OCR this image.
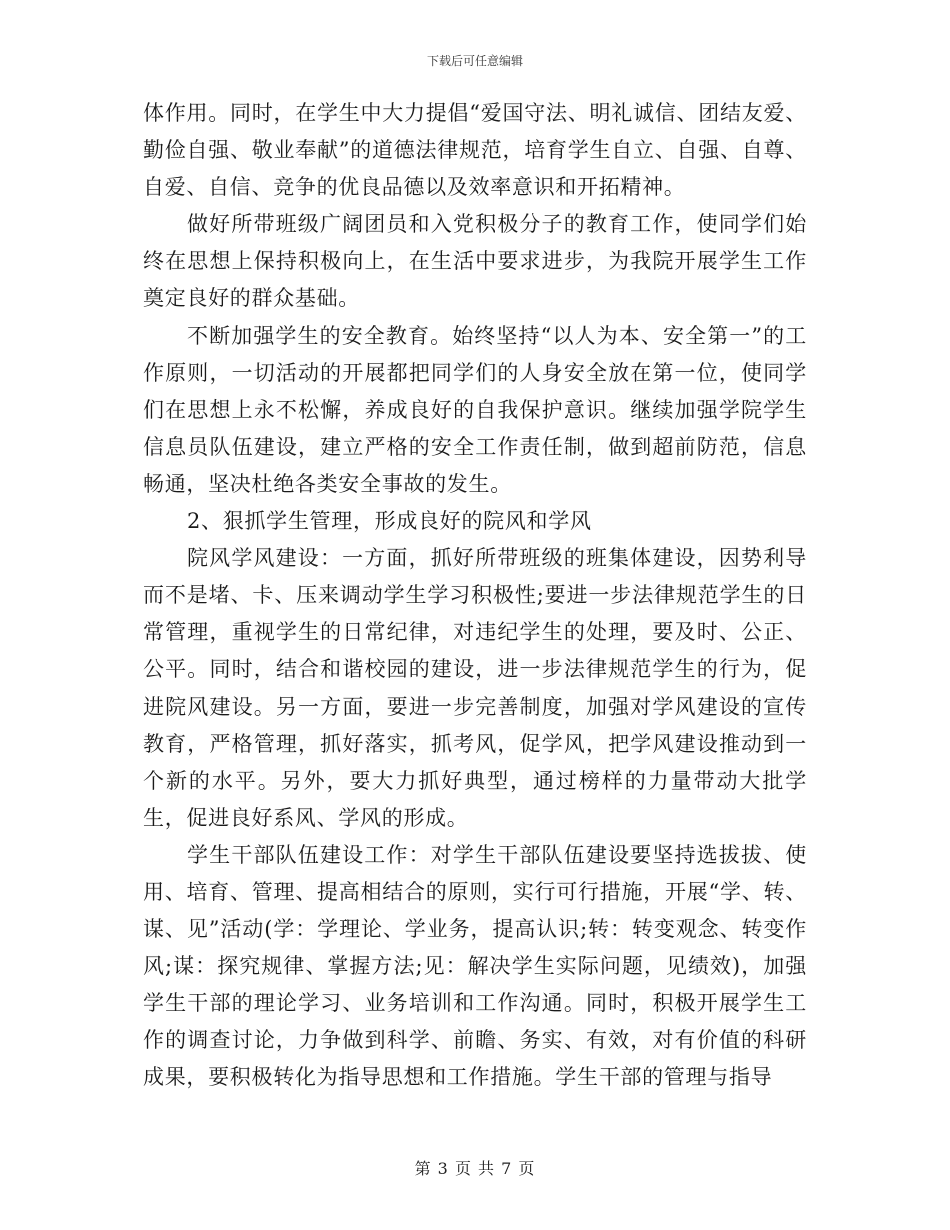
下载后可任意编辑

体作用。同时，在学生中大力提倡“爱国守法、明礼诚信、团结友爱、勤俭自强、敬业奉献”的道德法律规范，培育学生自立、自强、自尊、自爱、自信、竞争的优良品德以及效率意识和开拓精神。

做好所带班级广阔团员和入党积极分子的教育工作，使同学们始终在思想上保持积极向上，在生活中要求进步，为我院开展学生工作奠定良好的群众基础。

不断加强学生的安全教育。始终坚持“以人为本、安全第一”的工作原则，一切活动的开展都把同学们的人身安全放在第一位，使同学们在思想上永不松懈，养成良好的自我保护意识。继续加强学院学生信息员队伍建设，建立严格的安全工作责任制，做到超前防范，信息畅通，坚决杜绝各类安全事故的发生。

2、狠抓学生管理，形成良好的院风和学风

院风学风建设：一方面，抓好所带班级的班集体建设，因势利导而不是堵、卡、压来调动学生学习积极性;要进一步法律规范学生的日常管理，重视学生的日常纪律，对违纪学生的处理，要及时、公正、公平。同时，结合和谐校园的建设，进一步法律规范学生的行为，促进院风建设。另一方面，要进一步完善制度，加强对学风建设的宣传教育，严格管理，抓好落实，抓考风，促学风，把学风建设推动到一个新的水平。另外，要大力抓好典型，通过榜样的力量带动大批学生，促进良好系风、学风的形成。

学生干部队伍建设工作：对学生干部队伍建设要坚持选拔拔、使用、培育、管理、提高相结合的原则，实行可行措施，开展“学、转、谋、见”活动(学：学理论、学业务，提高认识;转：转变观念、转变作风;谋：探究规律、掌握方法;见：解决学生实际问题，见绩效)，加强学生干部的理论学习、业务培训和工作沟通。同时，积极开展学生工作的调查讨论，力争做到科学、前瞻、务实、有效，对有价值的科研成果，要积极转化为指导思想和工作措施。学生干部的管理与指导

第 3 页 共 7 页
